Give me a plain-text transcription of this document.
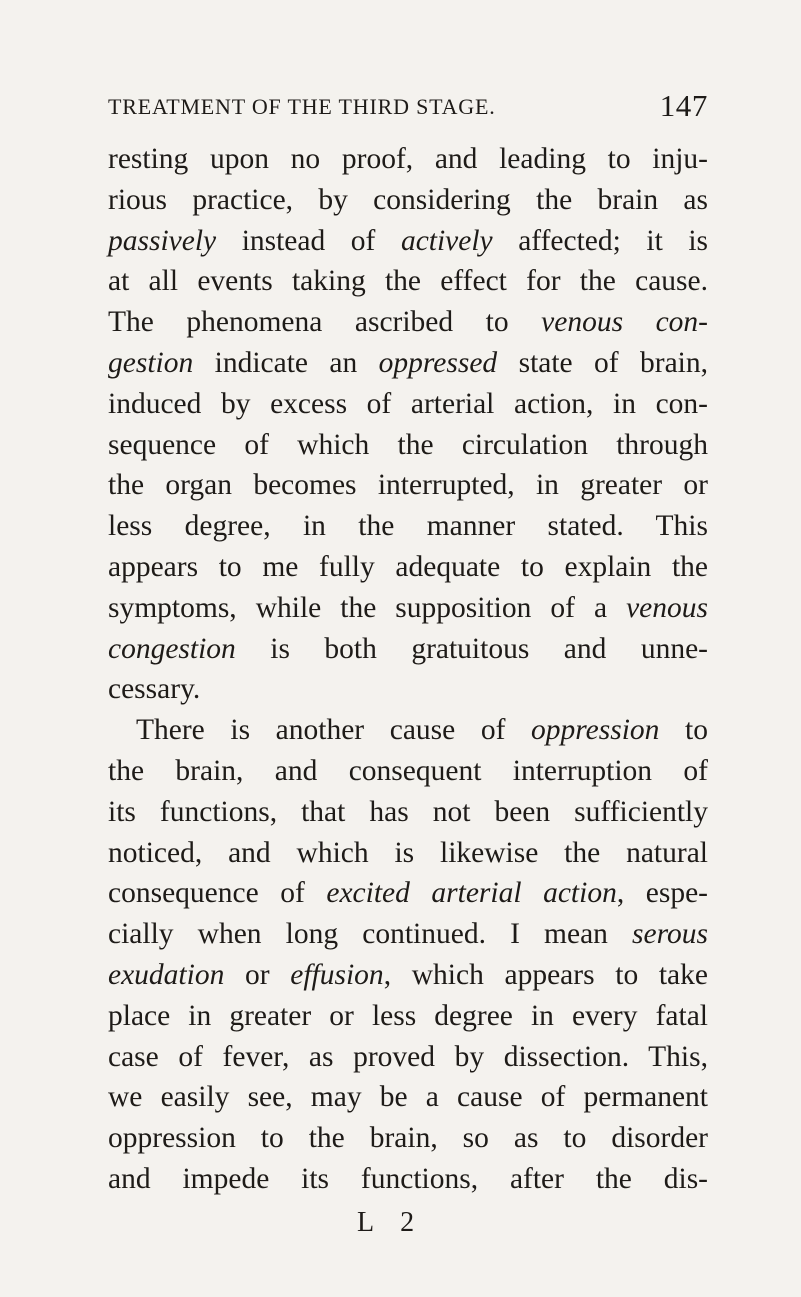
TREATMENT OF THE THIRD STAGE.	147
resting upon no proof, and leading to inju-
rious practice, by considering the brain as
passively instead of actively affected; it is
at all events taking the effect for the cause.
The phenomena ascribed to venous con-
gestion indicate an oppressed state of brain,
induced by excess of arterial action, in con-
sequence of which the circulation through
the organ becomes interrupted, in greater or
less degree, in the manner stated. This
appears to me fully adequate to explain the
symptoms, while the supposition of a venous
congestion is both gratuitous and unne-
cessary.
There is another cause of oppression to
the brain, and consequent interruption of
its functions, that has not been sufficiently
noticed, and which is likewise the natural
consequence of excited arterial action, espe-
cially when long continued. I mean serous
exudation or effusion, which appears to take
place in greater or less degree in every fatal
case of fever, as proved by dissection. This,
we easily see, may be a cause of permanent
oppression to the brain, so as to disorder
and impede its functions, after the dis-
L 2
